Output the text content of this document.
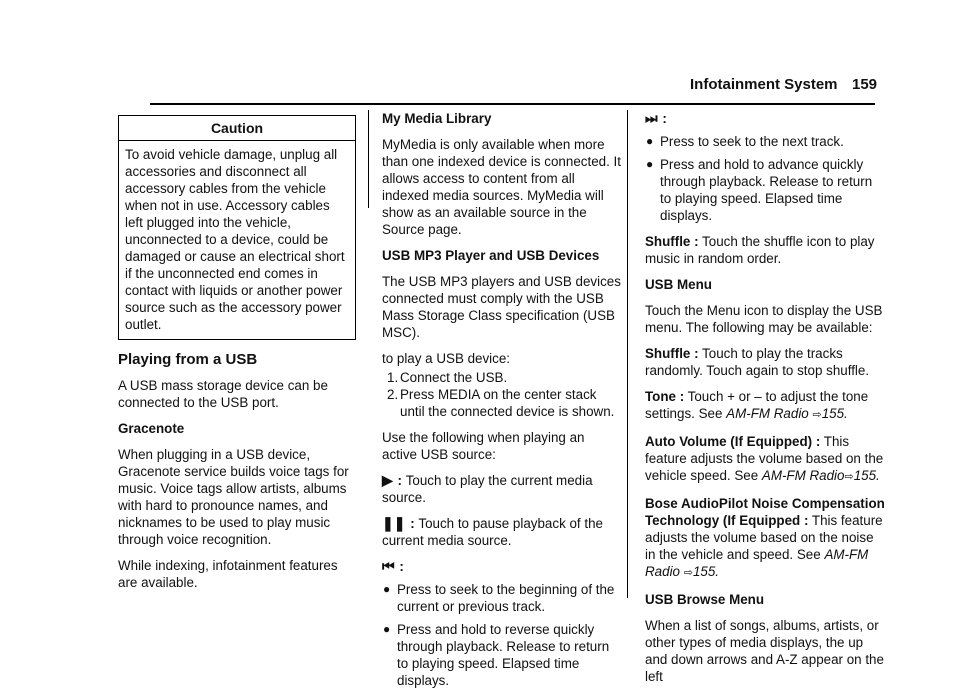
Infotainment System 159
Caution
To avoid vehicle damage, unplug all accessories and disconnect all accessory cables from the vehicle when not in use. Accessory cables left plugged into the vehicle, unconnected to a device, could be damaged or cause an electrical short if the unconnected end comes in contact with liquids or another power source such as the accessory power outlet.
Playing from a USB

A USB mass storage device can be connected to the USB port.

Gracenote

When plugging in a USB device, Gracenote service builds voice tags for music. Voice tags allow artists, albums with hard to pronounce names, and nicknames to be used to play music through voice recognition.

While indexing, infotainment features are available.

My Media Library

MyMedia is only available when more than one indexed device is connected. It allows access to content from all indexed media sources. MyMedia will show as an available source in the Source page.

USB MP3 Player and USB Devices

The USB MP3 players and USB devices connected must comply with the USB Mass Storage Class specification (USB MSC).

to play a USB device:

1. Connect the USB.
2. Press MEDIA on the center stack until the connected device is shown.

Use the following when playing an active USB source:

▶ : Touch to play the current media source.

❚❚ : Touch to pause playback of the current media source.

⏮ :

● Press to seek to the beginning of the current or previous track.
● Press and hold to reverse quickly through playback. Release to return to playing speed. Elapsed time displays.

⏭ :

● Press to seek to the next track.
● Press and hold to advance quickly through playback. Release to return to playing speed. Elapsed time displays.

Shuffle : Touch the shuffle icon to play music in random order.

USB Menu

Touch the Menu icon to display the USB menu. The following may be available:

Shuffle : Touch to play the tracks randomly. Touch again to stop shuffle.

Tone : Touch + or – to adjust the tone settings. See AM-FM Radio ⇨155.

Auto Volume (If Equipped) : This feature adjusts the volume based on the vehicle speed. See AM-FM Radio⇨155.

Bose AudioPilot Noise Compensation Technology (If Equipped : This feature adjusts the volume based on the noise in the vehicle and speed. See AM-FM Radio ⇨155.

USB Browse Menu

When a list of songs, albums, artists, or other types of media displays, the up and down arrows and A-Z appear on the left
